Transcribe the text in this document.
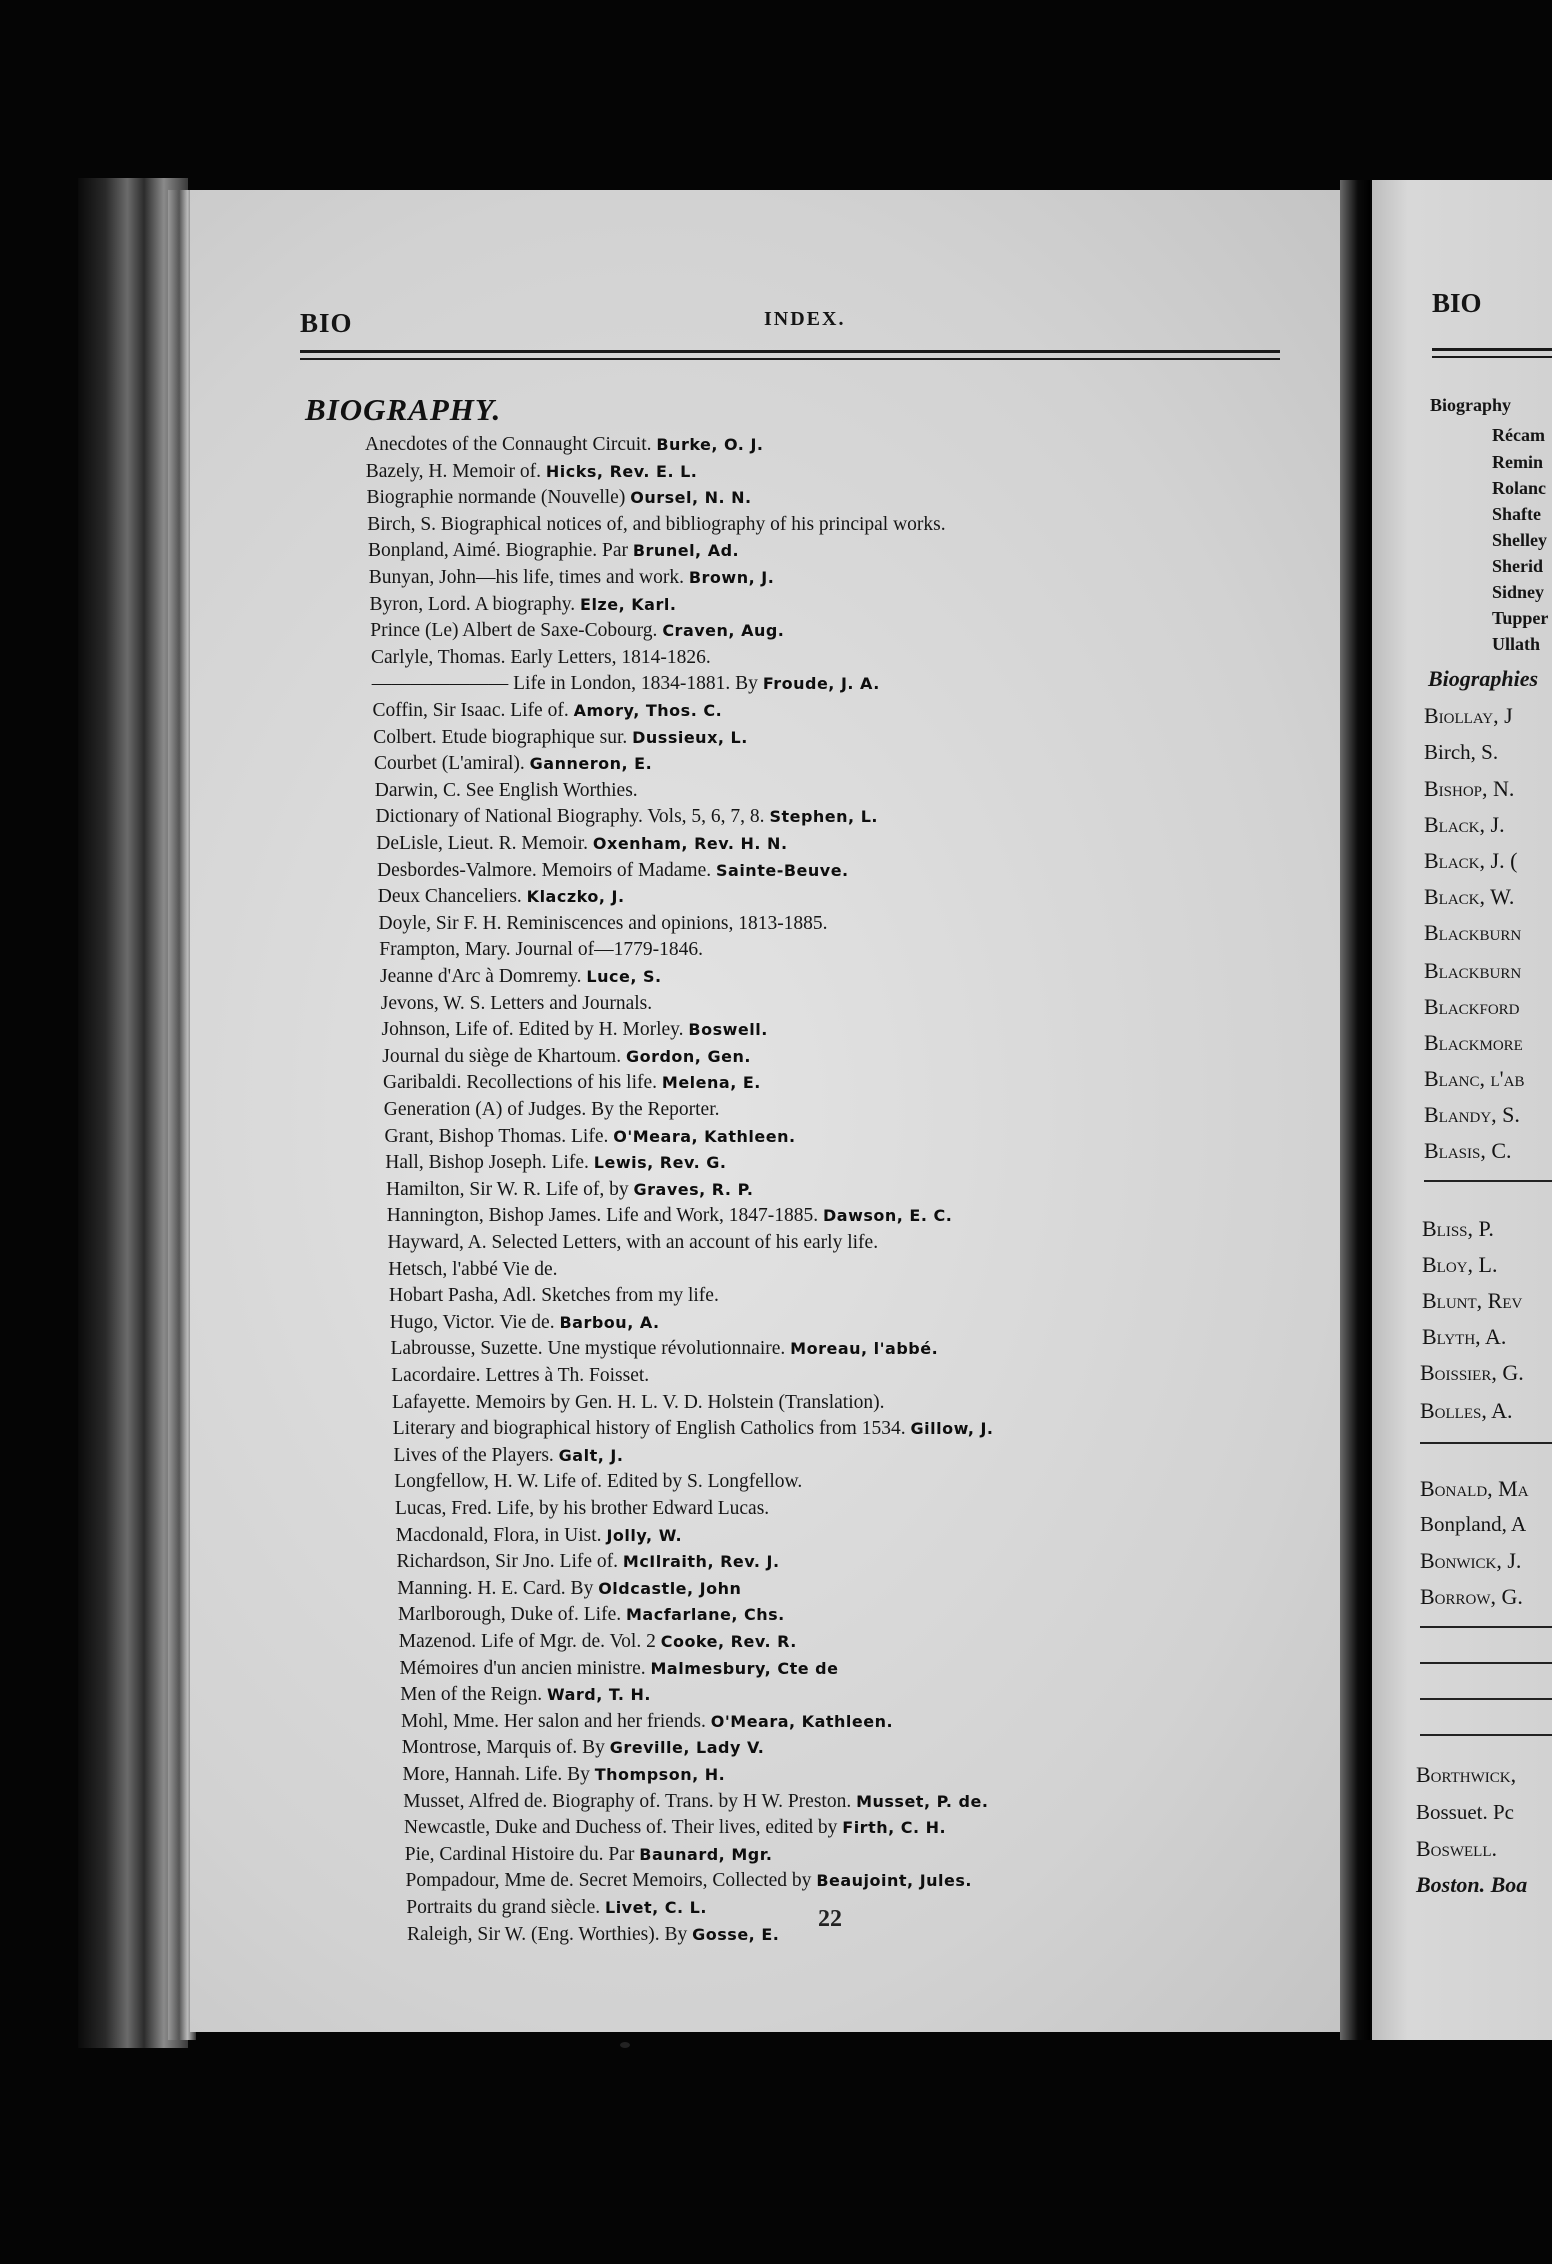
BIO	INDEX.
BIOGRAPHY.
Anecdotes of the Connaught Circuit. Burke, O. J.
Bazely, H. Memoir of. Hicks, Rev. E. L.
Biographie normande (Nouvelle) Oursel, N. N.
Birch, S. Biographical notices of, and bibliography of his principal works.
Bonpland, Aimé. Biographie. Par Brunel, Ad.
Bunyan, John—his life, times and work. Brown, J.
Byron, Lord. A biography. Elze, Karl.
Prince (Le) Albert de Saxe-Cobourg. Craven, Aug.
Carlyle, Thomas. Early Letters, 1814-1826.
——————— Life in London, 1834-1881. By Froude, J. A.
Coffin, Sir Isaac. Life of. Amory, Thos. C.
Colbert. Etude biographique sur. Dussieux, L.
Courbet (L'amiral). Ganneron, E.
Darwin, C. See English Worthies.
Dictionary of National Biography. Vols, 5, 6, 7, 8. Stephen, L.
DeLisle, Lieut. R. Memoir. Oxenham, Rev. H. N.
Desbordes-Valmore. Memoirs of Madame. Sainte-Beuve.
Deux Chanceliers. Klaczko, J.
Doyle, Sir F. H. Reminiscences and opinions, 1813-1885.
Frampton, Mary. Journal of—1779-1846.
Jeanne d'Arc à Domremy. Luce, S.
Jevons, W. S. Letters and Journals.
Johnson, Life of. Edited by H. Morley. Boswell.
Journal du siège de Khartoum. Gordon, Gen.
Garibaldi. Recollections of his life. Melena, E.
Generation (A) of Judges. By the Reporter.
Grant, Bishop Thomas. Life. O'Meara, Kathleen.
Hall, Bishop Joseph. Life. Lewis, Rev. G.
Hamilton, Sir W. R. Life of, by Graves, R. P.
Hannington, Bishop James. Life and Work, 1847-1885. Dawson, E. C.
Hayward, A. Selected Letters, with an account of his early life.
Hetsch, l'abbé Vie de.
Hobart Pasha, Adl. Sketches from my life.
Hugo, Victor. Vie de. Barbou, A.
Labrousse, Suzette. Une mystique révolutionnaire. Moreau, l'abbé.
Lacordaire. Lettres à Th. Foisset.
Lafayette. Memoirs by Gen. H. L. V. D. Holstein (Translation).
Literary and biographical history of English Catholics from 1534. Gillow, J.
Lives of the Players. Galt, J.
Longfellow, H. W. Life of. Edited by S. Longfellow.
Lucas, Fred. Life, by his brother Edward Lucas.
Macdonald, Flora, in Uist. Jolly, W.
Richardson, Sir Jno. Life of. McIlraith, Rev. J.
Manning. H. E. Card. By Oldcastle, John
Marlborough, Duke of. Life. Macfarlane, Chs.
Mazenod. Life of Mgr. de. Vol. 2 Cooke, Rev. R.
Mémoires d'un ancien ministre. Malmesbury, Cte de
Men of the Reign. Ward, T. H.
Mohl, Mme. Her salon and her friends. O'Meara, Kathleen.
Montrose, Marquis of. By Greville, Lady V.
More, Hannah. Life. By Thompson, H.
Musset, Alfred de. Biography of. Trans. by H W. Preston. Musset, P. de.
Newcastle, Duke and Duchess of. Their lives, edited by Firth, C. H.
Pie, Cardinal Histoire du. Par Baunard, Mgr.
Pompadour, Mme de. Secret Memoirs, Collected by Beaujoint, Jules.
Portraits du grand siècle. Livet, C. L.
Raleigh, Sir W. (Eng. Worthies). By Gosse, E.
22
BIO
Biography
Récam
Remin
Rolanc
Shafte
Shelley
Sherid
Sidney
Tupper
Ullath
Biographies
Biollay, J
Birch, S.
Bishop, N.
Black, J.
Black, J. (
Black, W.
Blackburn
Blackburn
Blackford
Blackmore
Blanc, l'ab
Blandy, S.
Blasis, C.
Bliss, P.
Bloy, L.
Blunt, Rev
Blyth, A.
Boissier, G.
Bolles, A.
Bonald, Ma
Bonpland, A
Bonwick, J.
Borrow, G.
Borthwick,
Bossuet. Pc
Boswell.
Boston. Boa
